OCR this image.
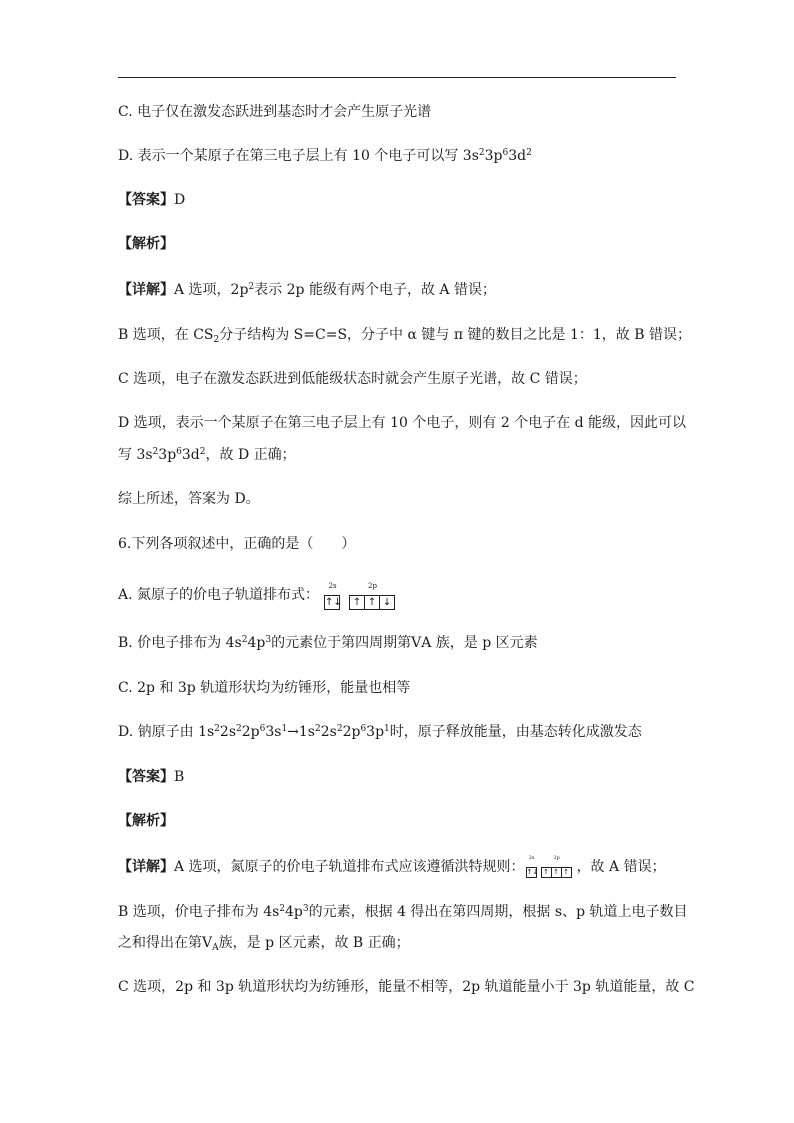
C. 电子仅在激发态跃进到基态时才会产生原子光谱
D. 表示一个某原子在第三电子层上有 10 个电子可以写 $3s^23p^63d^2$
【答案】D
【解析】
【详解】A 选项，$2p^2$表示 2p 能级有两个电子，故 A 错误；
B 选项，在 $CS_2$分子结构为 S=C=S，分子中 α 键与 π 键的数目之比是 1：1，故 B 错误；
C 选项，电子在激发态跃进到低能级状态时就会产生原子光谱，故 C 错误；
D 选项，表示一个某原子在第三电子层上有 10 个电子，则有 2 个电子在 d 能级，因此可以
写 $3s^23p^63d^2$，故 D 正确；
综上所述，答案为 D。
6.下列各项叙述中，正确的是（　　）
A. 氮原子的价电子轨道排布式：
2s
↑↓
2p
↑ ↑ ↓
B. 价电子排布为 $4s^24p^3$的元素位于第四周期第ⅤA 族，是 p 区元素
C. 2p 和 3p 轨道形状均为纺锤形，能量也相等
D. 钠原子由 $1s^22s^22p^63s^1\to 1s^22s^22p^63p^1$时，原子释放能量，由基态转化成激发态
【答案】B
【解析】
【详解】A 选项，氮原子的价电子轨道排布式应该遵循洪特规则：
2s
↑↓
2p
↑ ↑ ↑ ，故 A 错误；
B 选项，价电子排布为 $4s^24p^3$的元素，根据 4 得出在第四周期，根据 s、p 轨道上电子数目
之和得出在第$Ⅴ_A$族，是 p 区元素，故 B 正确；
C 选项，2p 和 3p 轨道形状均为纺锤形，能量不相等，2p 轨道能量小于 3p 轨道能量，故 C
